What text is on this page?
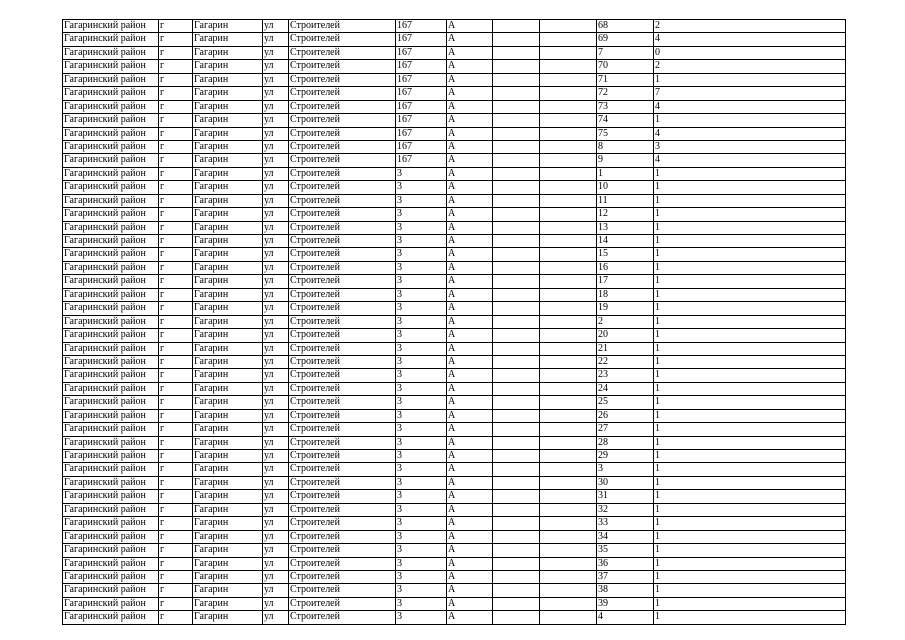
Гагаринский район	г	Гагарин	ул	Строителей	167	А			68	2
Гагаринский район	г	Гагарин	ул	Строителей	167	А			69	4
Гагаринский район	г	Гагарин	ул	Строителей	167	А			7	0
Гагаринский район	г	Гагарин	ул	Строителей	167	А			70	2
Гагаринский район	г	Гагарин	ул	Строителей	167	А			71	1
Гагаринский район	г	Гагарин	ул	Строителей	167	А			72	7
Гагаринский район	г	Гагарин	ул	Строителей	167	А			73	4
Гагаринский район	г	Гагарин	ул	Строителей	167	А			74	1
Гагаринский район	г	Гагарин	ул	Строителей	167	А			75	4
Гагаринский район	г	Гагарин	ул	Строителей	167	А			8	3
Гагаринский район	г	Гагарин	ул	Строителей	167	А			9	4
Гагаринский район	г	Гагарин	ул	Строителей	3	А			1	1
Гагаринский район	г	Гагарин	ул	Строителей	3	А			10	1
Гагаринский район	г	Гагарин	ул	Строителей	3	А			11	1
Гагаринский район	г	Гагарин	ул	Строителей	3	А			12	1
Гагаринский район	г	Гагарин	ул	Строителей	3	А			13	1
Гагаринский район	г	Гагарин	ул	Строителей	3	А			14	1
Гагаринский район	г	Гагарин	ул	Строителей	3	А			15	1
Гагаринский район	г	Гагарин	ул	Строителей	3	А			16	1
Гагаринский район	г	Гагарин	ул	Строителей	3	А			17	1
Гагаринский район	г	Гагарин	ул	Строителей	3	А			18	1
Гагаринский район	г	Гагарин	ул	Строителей	3	А			19	1
Гагаринский район	г	Гагарин	ул	Строителей	3	А			2	1
Гагаринский район	г	Гагарин	ул	Строителей	3	А			20	1
Гагаринский район	г	Гагарин	ул	Строителей	3	А			21	1
Гагаринский район	г	Гагарин	ул	Строителей	3	А			22	1
Гагаринский район	г	Гагарин	ул	Строителей	3	А			23	1
Гагаринский район	г	Гагарин	ул	Строителей	3	А			24	1
Гагаринский район	г	Гагарин	ул	Строителей	3	А			25	1
Гагаринский район	г	Гагарин	ул	Строителей	3	А			26	1
Гагаринский район	г	Гагарин	ул	Строителей	3	А			27	1
Гагаринский район	г	Гагарин	ул	Строителей	3	А			28	1
Гагаринский район	г	Гагарин	ул	Строителей	3	А			29	1
Гагаринский район	г	Гагарин	ул	Строителей	3	А			3	1
Гагаринский район	г	Гагарин	ул	Строителей	3	А			30	1
Гагаринский район	г	Гагарин	ул	Строителей	3	А			31	1
Гагаринский район	г	Гагарин	ул	Строителей	3	А			32	1
Гагаринский район	г	Гагарин	ул	Строителей	3	А			33	1
Гагаринский район	г	Гагарин	ул	Строителей	3	А			34	1
Гагаринский район	г	Гагарин	ул	Строителей	3	А			35	1
Гагаринский район	г	Гагарин	ул	Строителей	3	А			36	1
Гагаринский район	г	Гагарин	ул	Строителей	3	А			37	1
Гагаринский район	г	Гагарин	ул	Строителей	3	А			38	1
Гагаринский район	г	Гагарин	ул	Строителей	3	А			39	1
Гагаринский район	г	Гагарин	ул	Строителей	3	А			4	1
